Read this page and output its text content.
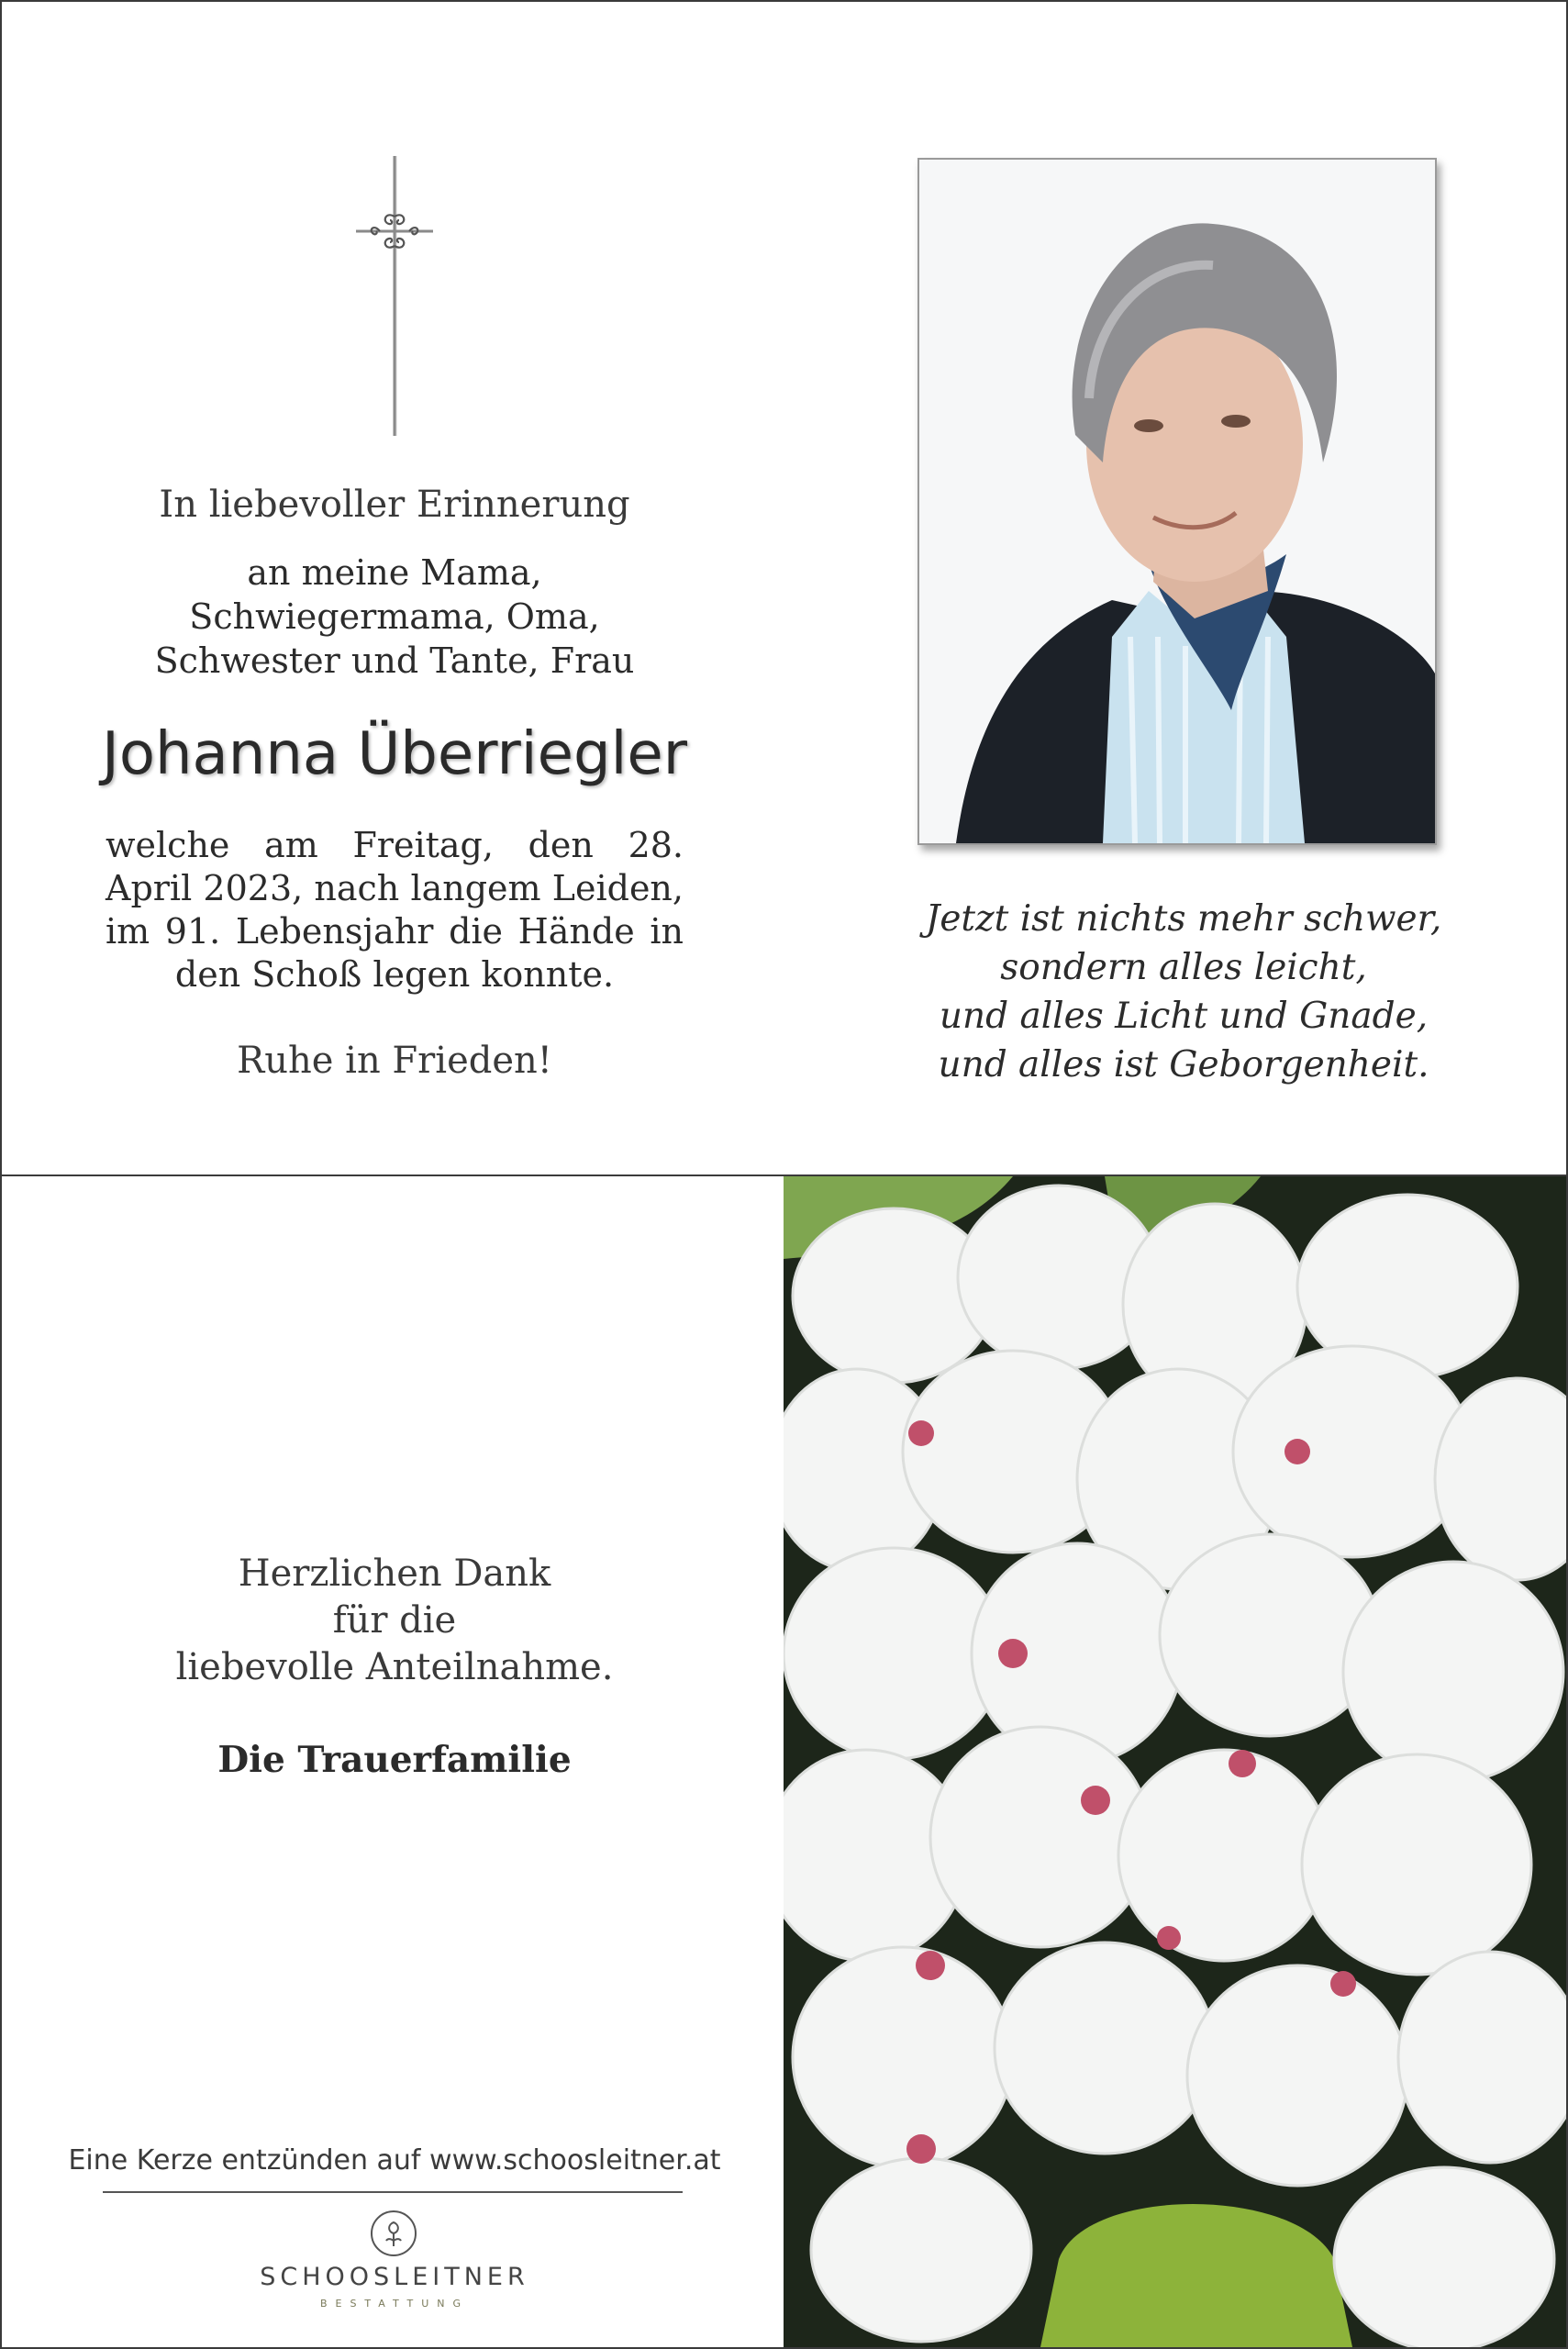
In liebevoller Erinnerung
an meine Mama,
Schwiegermama, Oma,
Schwester und Tante, Frau
Johanna Überriegler
welche am Freitag, den 28. April 2023, nach langem Leiden, im 91. Lebensjahr die Hände in den Schoß legen konnte.
Ruhe in Frieden!
Jetzt ist nichts mehr schwer,
sondern alles leicht,
und alles Licht und Gnade,
und alles ist Geborgenheit.
Herzlichen Dank
für die
liebevolle Anteilnahme.
Die Trauerfamilie
Eine Kerze entzünden auf www.schoosleitner.at
SCHOOSLEITNER
BESTATTUNG
